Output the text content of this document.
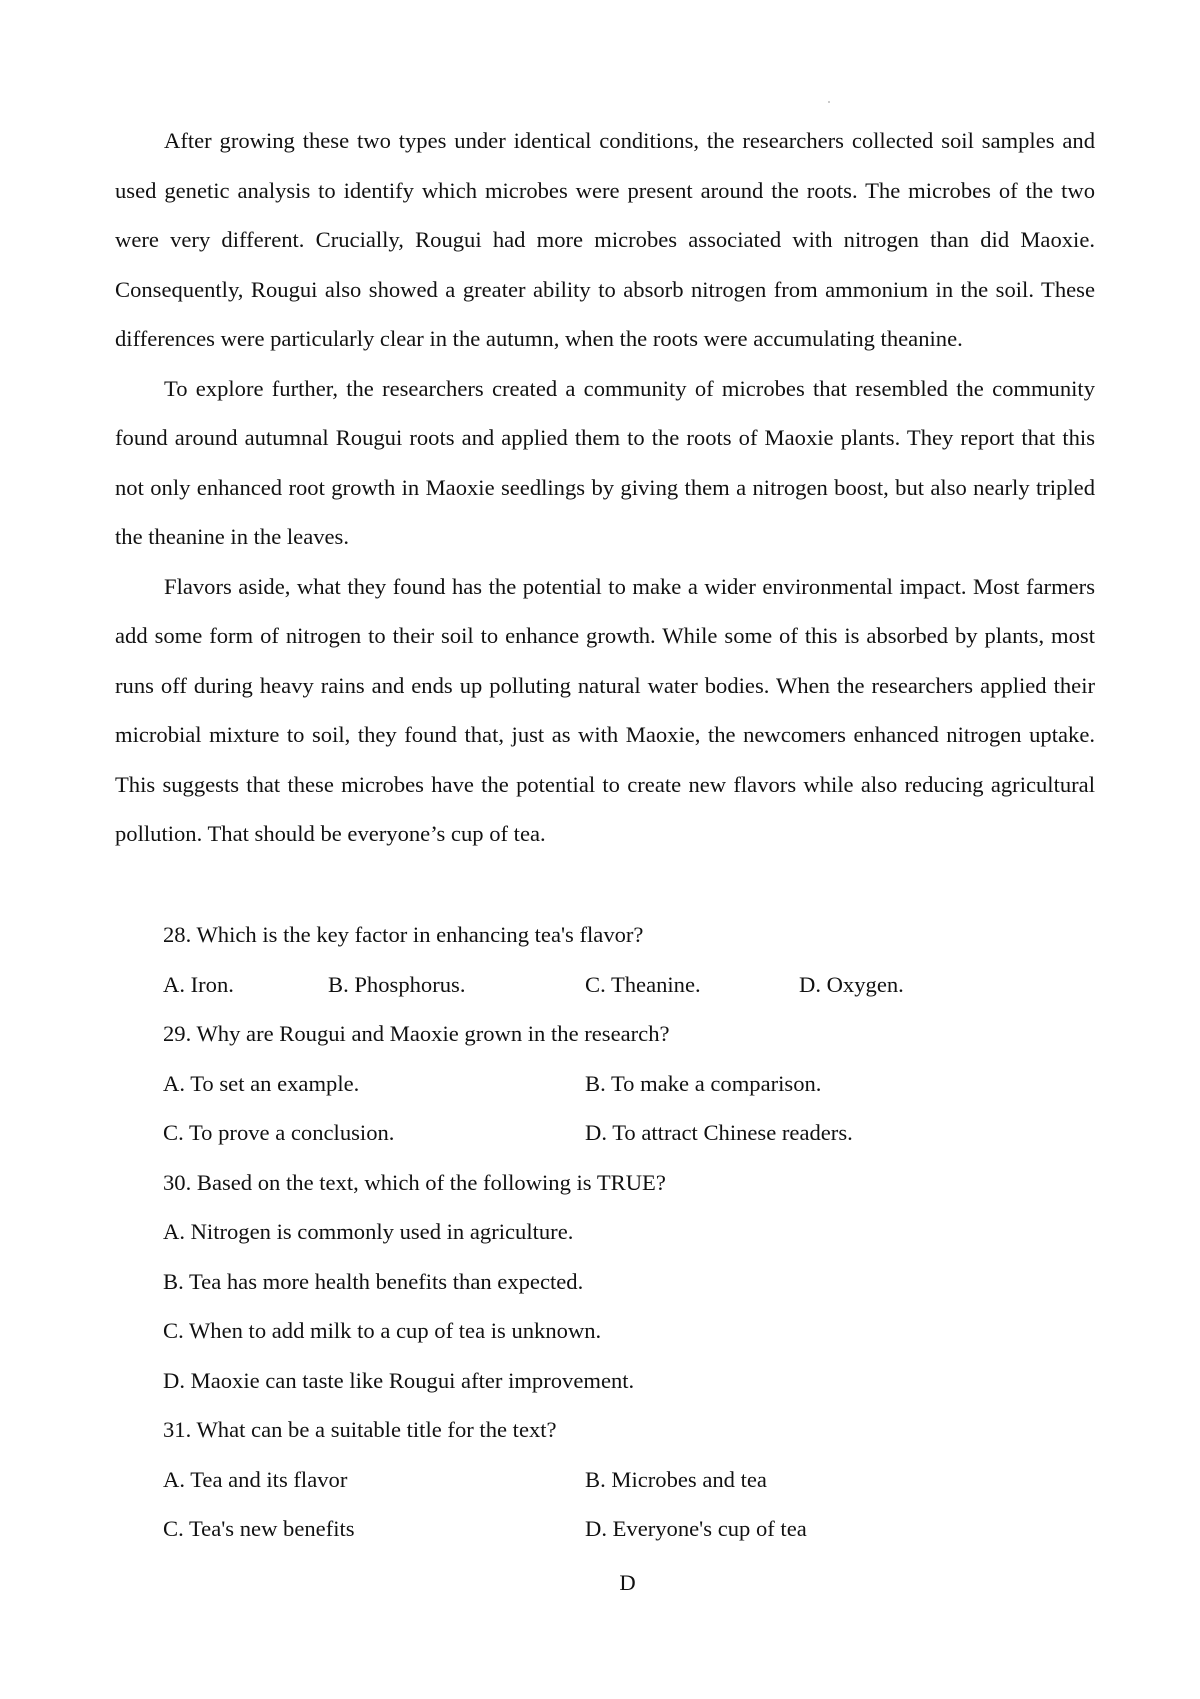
After growing these two types under identical conditions, the researchers collected soil samples and used genetic analysis to identify which microbes were present around the roots. The microbes of the two were very different. Crucially, Rougui had more microbes associated with nitrogen than did Maoxie. Consequently, Rougui also showed a greater ability to absorb nitrogen from ammonium in the soil. These differences were particularly clear in the autumn, when the roots were accumulating theanine.

To explore further, the researchers created a community of microbes that resembled the community found around autumnal Rougui roots and applied them to the roots of Maoxie plants. They report that this not only enhanced root growth in Maoxie seedlings by giving them a nitrogen boost, but also nearly tripled the theanine in the leaves.

Flavors aside, what they found has the potential to make a wider environmental impact. Most farmers add some form of nitrogen to their soil to enhance growth. While some of this is absorbed by plants, most runs off during heavy rains and ends up polluting natural water bodies. When the researchers applied their microbial mixture to soil, they found that, just as with Maoxie, the newcomers enhanced nitrogen uptake. This suggests that these microbes have the potential to create new flavors while also reducing agricultural pollution. That should be everyone’s cup of tea.

28. Which is the key factor in enhancing tea's flavor?
A. Iron.	B. Phosphorus.	C. Theanine.	D. Oxygen.
29. Why are Rougui and Maoxie grown in the research?
A. To set an example.	B. To make a comparison.
C. To prove a conclusion.	D. To attract Chinese readers.
30. Based on the text, which of the following is TRUE?
A. Nitrogen is commonly used in agriculture.
B. Tea has more health benefits than expected.
C. When to add milk to a cup of tea is unknown.
D. Maoxie can taste like Rougui after improvement.
31. What can be a suitable title for the text?
A. Tea and its flavor	B. Microbes and tea
C. Tea's new benefits	D. Everyone's cup of tea
D
